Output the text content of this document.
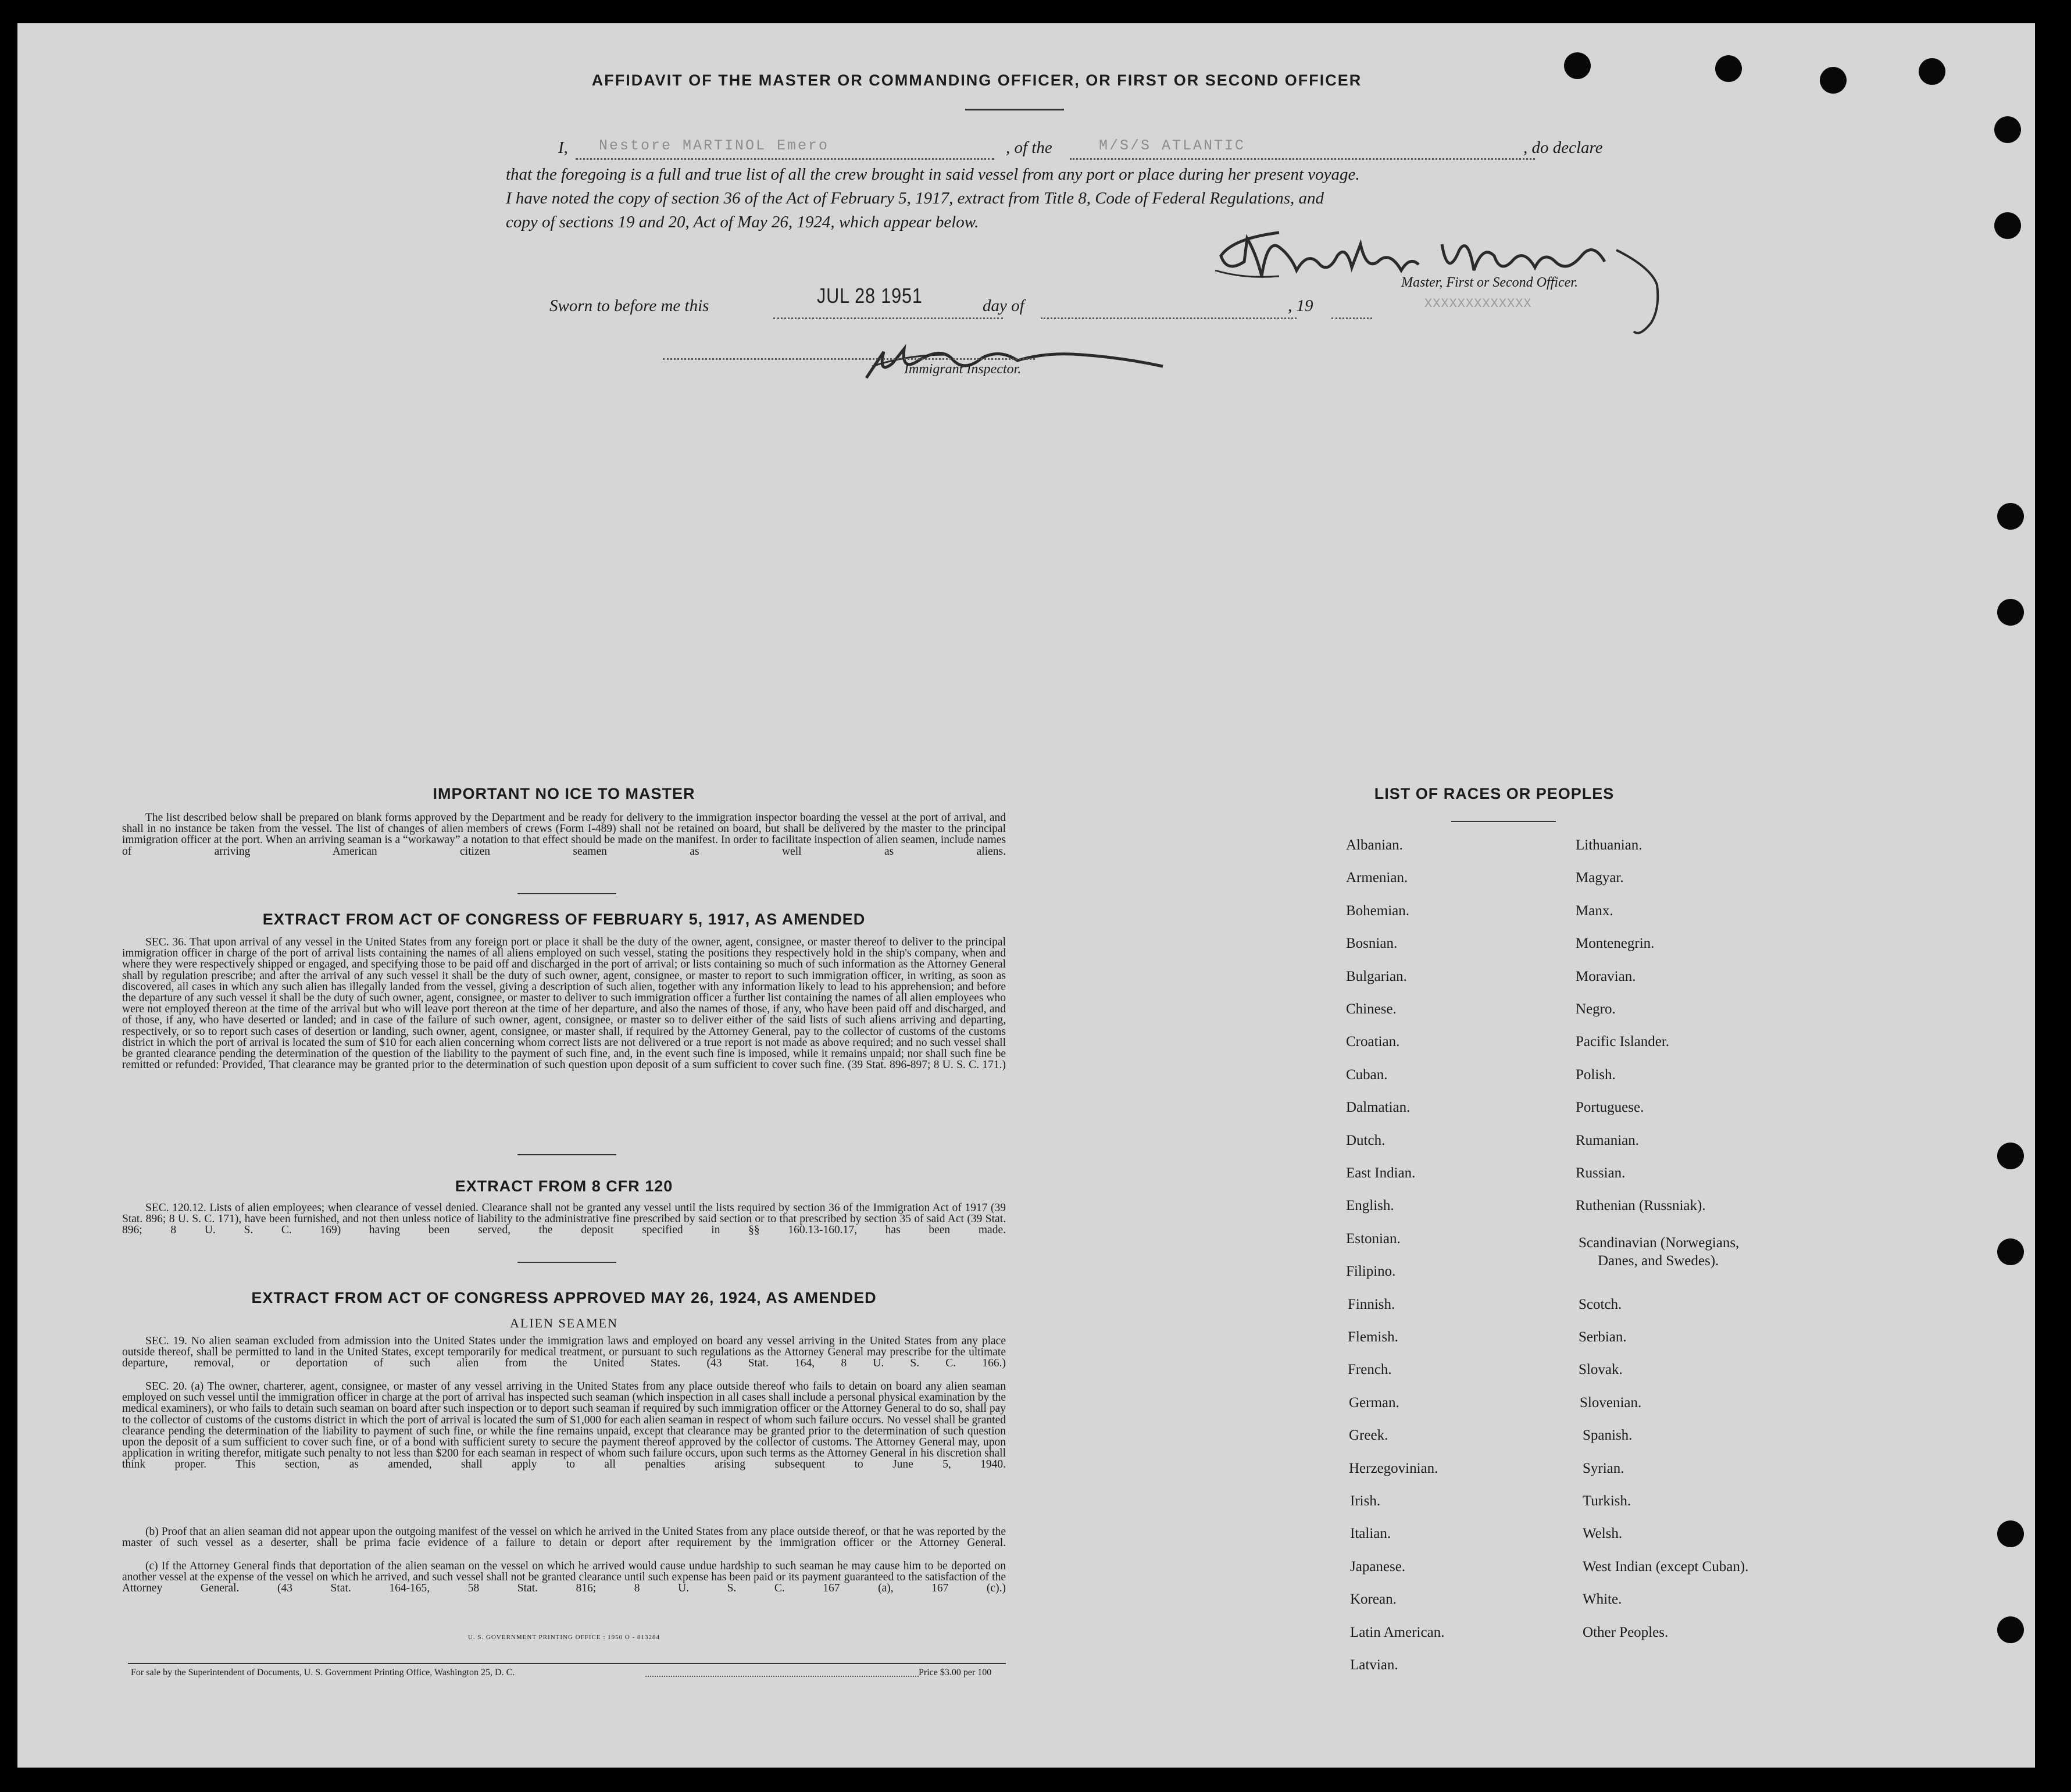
AFFIDAVIT OF THE MASTER OR COMMANDING OFFICER, OR FIRST OR SECOND OFFICER
I, Nestore MARTINOL Emero	, of the	M/S/S ATLANTIC	, do declare
that the foregoing is a full and true list of all the crew brought in said vessel from any port or place during her present voyage.
I have noted the copy of section 36 of the Act of February 5, 1917, extract from Title 8, Code of Federal Regulations, and
copy of sections 19 and 20, Act of May 26, 1924, which appear below.
Master, First or Second Officer.
XXXXXXXXXXXXX
Sworn to before me this	JUL 28 1951	day of	, 19
Immigrant Inspector.
IMPORTANT NO ICE TO MASTER
The list described below shall be prepared on blank forms approved by the Department and be ready for delivery to the immigration inspector boarding the vessel at the port of arrival, and shall in no instance be taken from the vessel. The list of changes of alien members of crews (Form I-489) shall not be retained on board, but shall be delivered by the master to the principal immigration officer at the port. When an arriving seaman is a “workaway” a notation to that effect should be made on the manifest. In order to facilitate inspection of alien seamen, include names of arriving American citizen seamen as well as aliens.
EXTRACT FROM ACT OF CONGRESS OF FEBRUARY 5, 1917, AS AMENDED
SEC. 36. That upon arrival of any vessel in the United States from any foreign port or place it shall be the duty of the owner, agent, consignee, or master thereof to deliver to the principal immigration officer in charge of the port of arrival lists containing the names of all aliens employed on such vessel, stating the positions they respectively hold in the ship's company, when and where they were respectively shipped or engaged, and specifying those to be paid off and discharged in the port of arrival; or lists containing so much of such information as the Attorney General shall by regulation prescribe; and after the arrival of any such vessel it shall be the duty of such owner, agent, consignee, or master to report to such immigration officer, in writing, as soon as discovered, all cases in which any such alien has illegally landed from the vessel, giving a description of such alien, together with any information likely to lead to his apprehension; and before the departure of any such vessel it shall be the duty of such owner, agent, consignee, or master to deliver to such immigration officer a further list containing the names of all alien employees who were not employed thereon at the time of the arrival but who will leave port thereon at the time of her departure, and also the names of those, if any, who have been paid off and discharged, and of those, if any, who have deserted or landed; and in case of the failure of such owner, agent, consignee, or master so to deliver either of the said lists of such aliens arriving and departing, respectively, or so to report such cases of desertion or landing, such owner, agent, consignee, or master shall, if required by the Attorney General, pay to the collector of customs of the customs district in which the port of arrival is located the sum of $10 for each alien concerning whom correct lists are not delivered or a true report is not made as above required; and no such vessel shall be granted clearance pending the determination of the question of the liability to the payment of such fine, and, in the event such fine is imposed, while it remains unpaid; nor shall such fine be remitted or refunded: Provided, That clearance may be granted prior to the determination of such question upon deposit of a sum sufficient to cover such fine. (39 Stat. 896-897; 8 U. S. C. 171.)
EXTRACT FROM 8 CFR 120
SEC. 120.12. Lists of alien employees; when clearance of vessel denied. Clearance shall not be granted any vessel until the lists required by section 36 of the Immigration Act of 1917 (39 Stat. 896; 8 U. S. C. 171), have been furnished, and not then unless notice of liability to the administrative fine prescribed by said section or to that prescribed by section 35 of said Act (39 Stat. 896; 8 U. S. C. 169) having been served, the deposit specified in §§ 160.13-160.17, has been made.
EXTRACT FROM ACT OF CONGRESS APPROVED MAY 26, 1924, AS AMENDED
ALIEN SEAMEN
SEC. 19. No alien seaman excluded from admission into the United States under the immigration laws and employed on board any vessel arriving in the United States from any place outside thereof, shall be permitted to land in the United States, except temporarily for medical treatment, or pursuant to such regulations as the Attorney General may prescribe for the ultimate departure, removal, or deportation of such alien from the United States. (43 Stat. 164, 8 U. S. C. 166.)
SEC. 20. (a) The owner, charterer, agent, consignee, or master of any vessel arriving in the United States from any place outside thereof who fails to detain on board any alien seaman employed on such vessel until the immigration officer in charge at the port of arrival has inspected such seaman (which inspection in all cases shall include a personal physical examination by the medical examiners), or who fails to detain such seaman on board after such inspection or to deport such seaman if required by such immigration officer or the Attorney General to do so, shall pay to the collector of customs of the customs district in which the port of arrival is located the sum of $1,000 for each alien seaman in respect of whom such failure occurs. No vessel shall be granted clearance pending the determination of the liability to payment of such fine, or while the fine remains unpaid, except that clearance may be granted prior to the determination of such question upon the deposit of a sum sufficient to cover such fine, or of a bond with sufficient surety to secure the payment thereof approved by the collector of customs. The Attorney General may, upon application in writing therefor, mitigate such penalty to not less than $200 for each seaman in respect of whom such failure occurs, upon such terms as the Attorney General in his discretion shall think proper. This section, as amended, shall apply to all penalties arising subsequent to June 5, 1940.
(b) Proof that an alien seaman did not appear upon the outgoing manifest of the vessel on which he arrived in the United States from any place outside thereof, or that he was reported by the master of such vessel as a deserter, shall be prima facie evidence of a failure to detain or deport after requirement by the immigration officer or the Attorney General.
(c) If the Attorney General finds that deportation of the alien seaman on the vessel on which he arrived would cause undue hardship to such seaman he may cause him to be deported on another vessel at the expense of the vessel on which he arrived, and such vessel shall not be granted clearance until such expense has been paid or its payment guaranteed to the satisfaction of the Attorney General. (43 Stat. 164-165, 58 Stat. 816; 8 U. S. C. 167 (a), 167 (c).)
U. S. GOVERNMENT PRINTING OFFICE : 1950 O - 813284
For sale by the Superintendent of Documents, U. S. Government Printing Office, Washington 25, D. C.	Price $3.00 per 100
LIST OF RACES OR PEOPLES
Albanian.
Armenian.
Bohemian.
Bosnian.
Bulgarian.
Chinese.
Croatian.
Cuban.
Dalmatian.
Dutch.
East Indian.
English.
Estonian.
Filipino.
Finnish.
Flemish.
French.
German.
Greek.
Herzegovinian.
Irish.
Italian.
Japanese.
Korean.
Latin American.
Latvian.
Lithuanian.
Magyar.
Manx.
Montenegrin.
Moravian.
Negro.
Pacific Islander.
Polish.
Portuguese.
Rumanian.
Russian.
Ruthenian (Russniak).
Scandinavian (Norwegians,
Danes, and Swedes).
Scotch.
Serbian.
Slovak.
Slovenian.
Spanish.
Syrian.
Turkish.
Welsh.
West Indian (except Cuban).
White.
Other Peoples.
